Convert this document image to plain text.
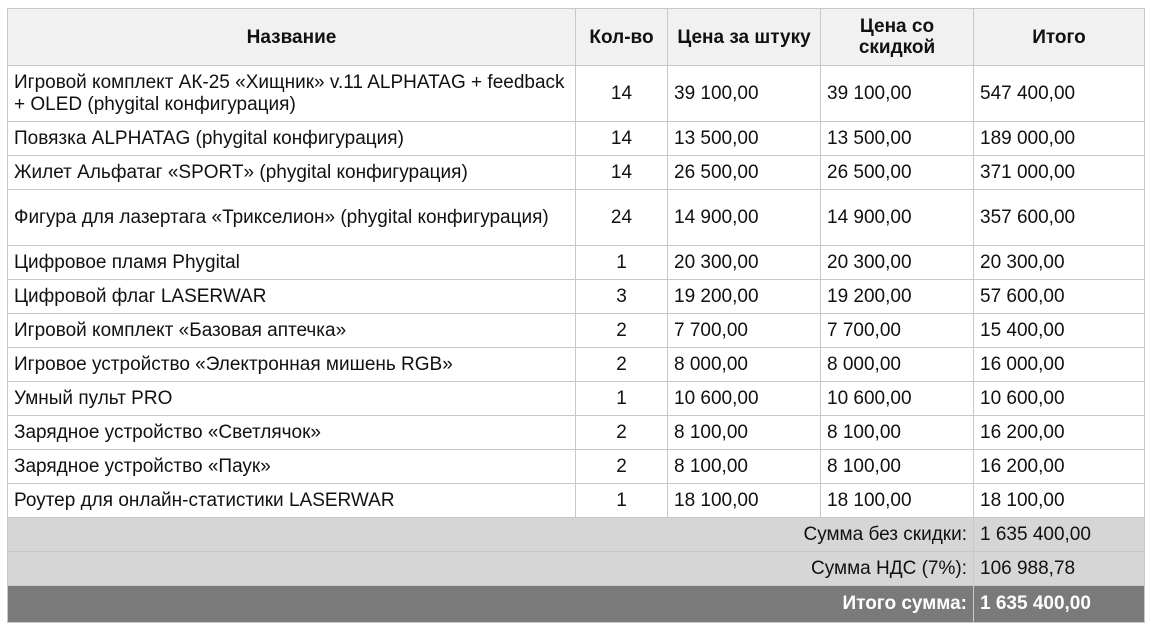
Название	Кол-во	Цена за штуку	Цена со скидкой	Итого
Игровой комплект АК-25 «Хищник» v.11 ALPHATAG + feedback + OLED (phygital конфигурация)	14	39 100,00	39 100,00	547 400,00
Повязка ALPHATAG (phygital конфигурация)	14	13 500,00	13 500,00	189 000,00
Жилет Альфатаг «SPORT» (phygital конфигурация)	14	26 500,00	26 500,00	371 000,00
Фигура для лазертага «Трикселион» (phygital конфигурация)	24	14 900,00	14 900,00	357 600,00
Цифровое пламя Phygital	1	20 300,00	20 300,00	20 300,00
Цифровой флаг LASERWAR	3	19 200,00	19 200,00	57 600,00
Игровой комплект «Базовая аптечка»	2	7 700,00	7 700,00	15 400,00
Игровое устройство «Электронная мишень RGB»	2	8 000,00	8 000,00	16 000,00
Умный пульт PRO	1	10 600,00	10 600,00	10 600,00
Зарядное устройство «Светлячок»	2	8 100,00	8 100,00	16 200,00
Зарядное устройство «Паук»	2	8 100,00	8 100,00	16 200,00
Роутер для онлайн-статистики LASERWAR	1	18 100,00	18 100,00	18 100,00
Сумма без скидки:				1 635 400,00
Сумма НДС (7%):				106 988,78
Итого сумма:				1 635 400,00
